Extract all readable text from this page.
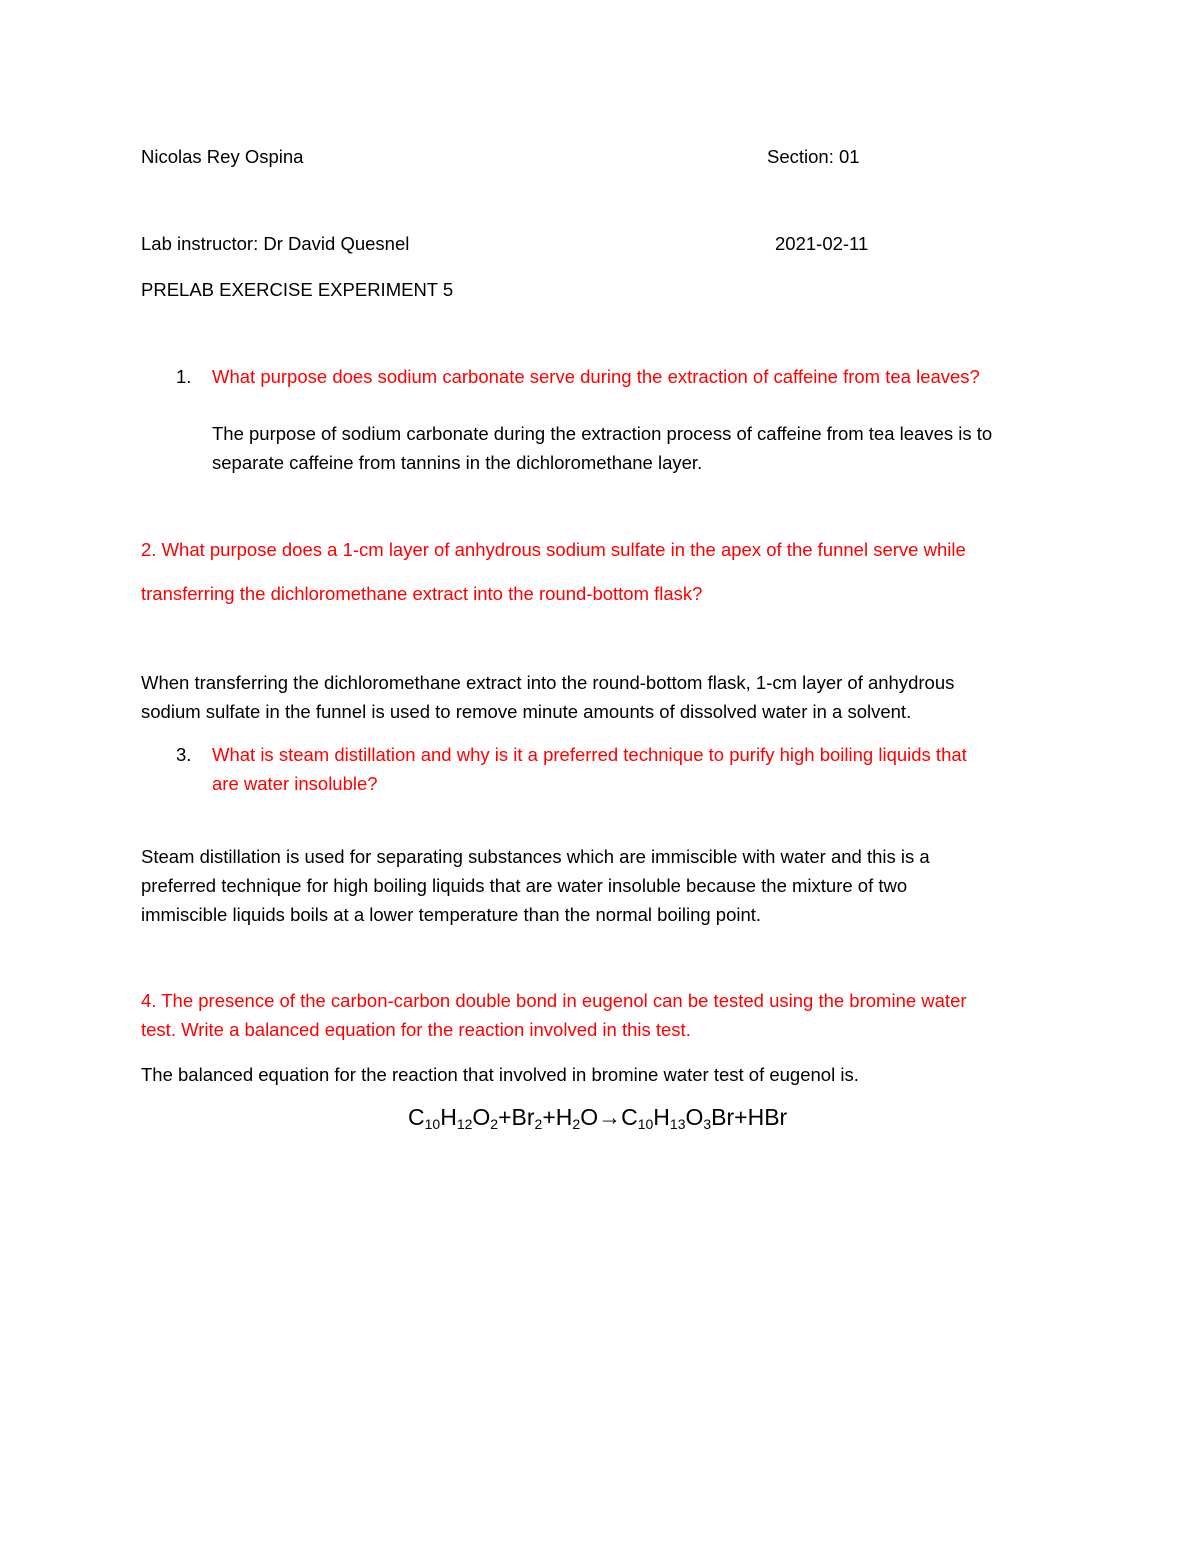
Nicolas Rey Ospina	Section: 01
Lab instructor: Dr David Quesnel	2021-02-11
PRELAB EXERCISE EXPERIMENT 5
1. What purpose does sodium carbonate serve during the extraction of caffeine from tea leaves?
The purpose of sodium carbonate during the extraction process of caffeine from tea leaves is to
separate caffeine from tannins in the dichloromethane layer.
2. What purpose does a 1-cm layer of anhydrous sodium sulfate in the apex of the funnel serve while
transferring the dichloromethane extract into the round-bottom flask?
When transferring the dichloromethane extract into the round-bottom flask, 1-cm layer of anhydrous
sodium sulfate in the funnel is used to remove minute amounts of dissolved water in a solvent.
3. What is steam distillation and why is it a preferred technique to purify high boiling liquids that
are water insoluble?
Steam distillation is used for separating substances which are immiscible with water and this is a
preferred technique for high boiling liquids that are water insoluble because the mixture of two
immiscible liquids boils at a lower temperature than the normal boiling point.
4. The presence of the carbon-carbon double bond in eugenol can be tested using the bromine water
test. Write a balanced equation for the reaction involved in this test.
The balanced equation for the reaction that involved in bromine water test of eugenol is.
$C_{10}H_{12}O_2+Br_2+H_2O\to C_{10}H_{13}O_3Br+HBr$
